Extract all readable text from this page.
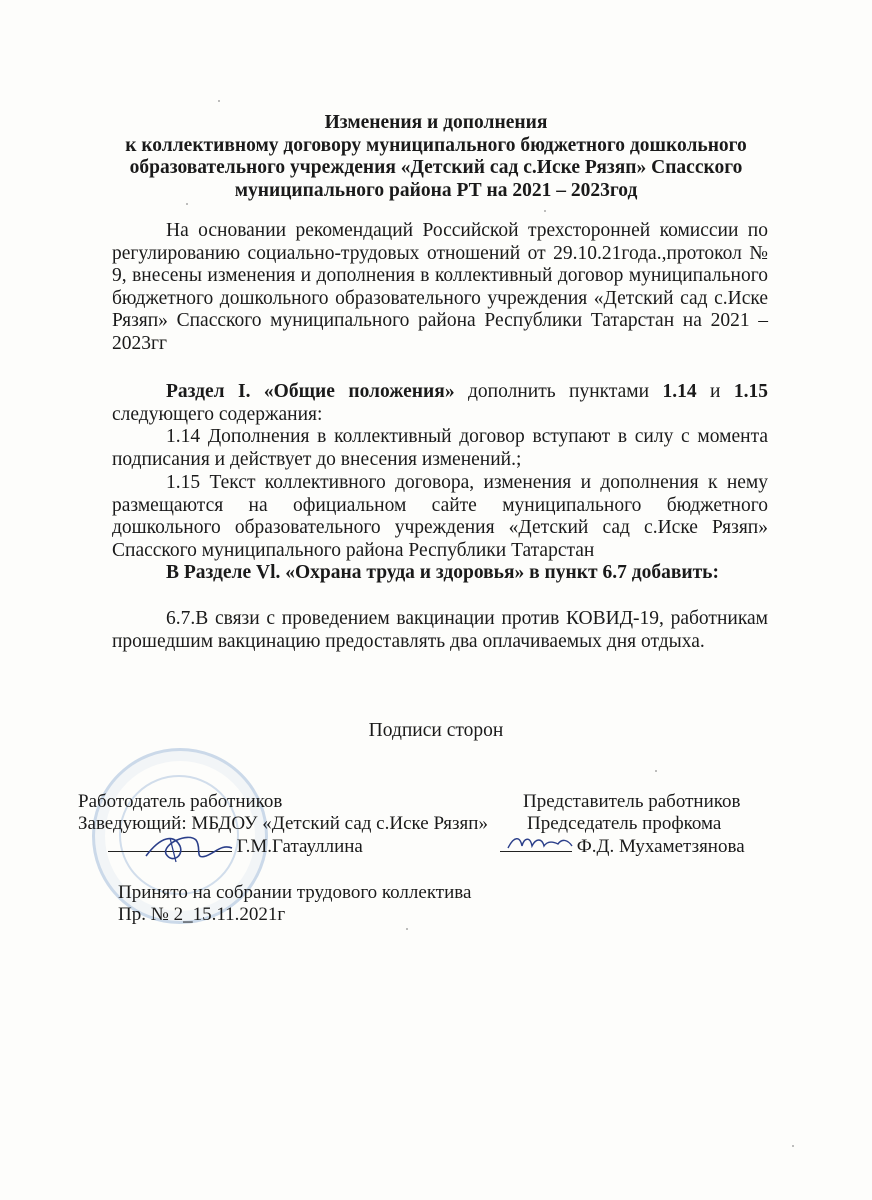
Изменения и дополнения
к коллективному договору муниципального бюджетного дошкольного
образовательного учреждения «Детский сад с.Иске Рязяп» Спасского
муниципального района РТ на 2021 – 2023год
На основании рекомендаций Российской трехсторонней комиссии по регулированию социально-трудовых отношений от 29.10.21года.,протокол № 9, внесены изменения и дополнения в коллективный договор муниципального бюджетного дошкольного образовательного учреждения «Детский сад с.Иске Рязяп» Спасского муниципального района Республики Татарстан на 2021 – 2023гг
Раздел I. «Общие положения» дополнить пунктами 1.14 и 1.15 следующего содержания:
1.14 Дополнения в коллективный договор вступают в силу с момента подписания и действует до внесения изменений.;
1.15 Текст коллективного договора, изменения и дополнения к нему размещаются на официальном сайте муниципального бюджетного дошкольного образовательного учреждения «Детский сад с.Иске Рязяп» Спасского муниципального района Республики Татарстан
В Разделе Vl. «Охрана труда и здоровья» в пункт 6.7 добавить:
6.7.В связи с проведением вакцинации против КОВИД-19, работникам прошедшим вакцинацию предоставлять два оплачиваемых дня отдыха.
Подписи сторон
Работодатель работников
Заведующий: МБДОУ «Детский сад с.Иске Рязяп»
Г.М.Гатауллина
Представитель работников
Председатель профкома
Ф.Д. Мухаметзянова
Принято на собрании трудового коллектива
Пр. № 2_15.11.2021г
